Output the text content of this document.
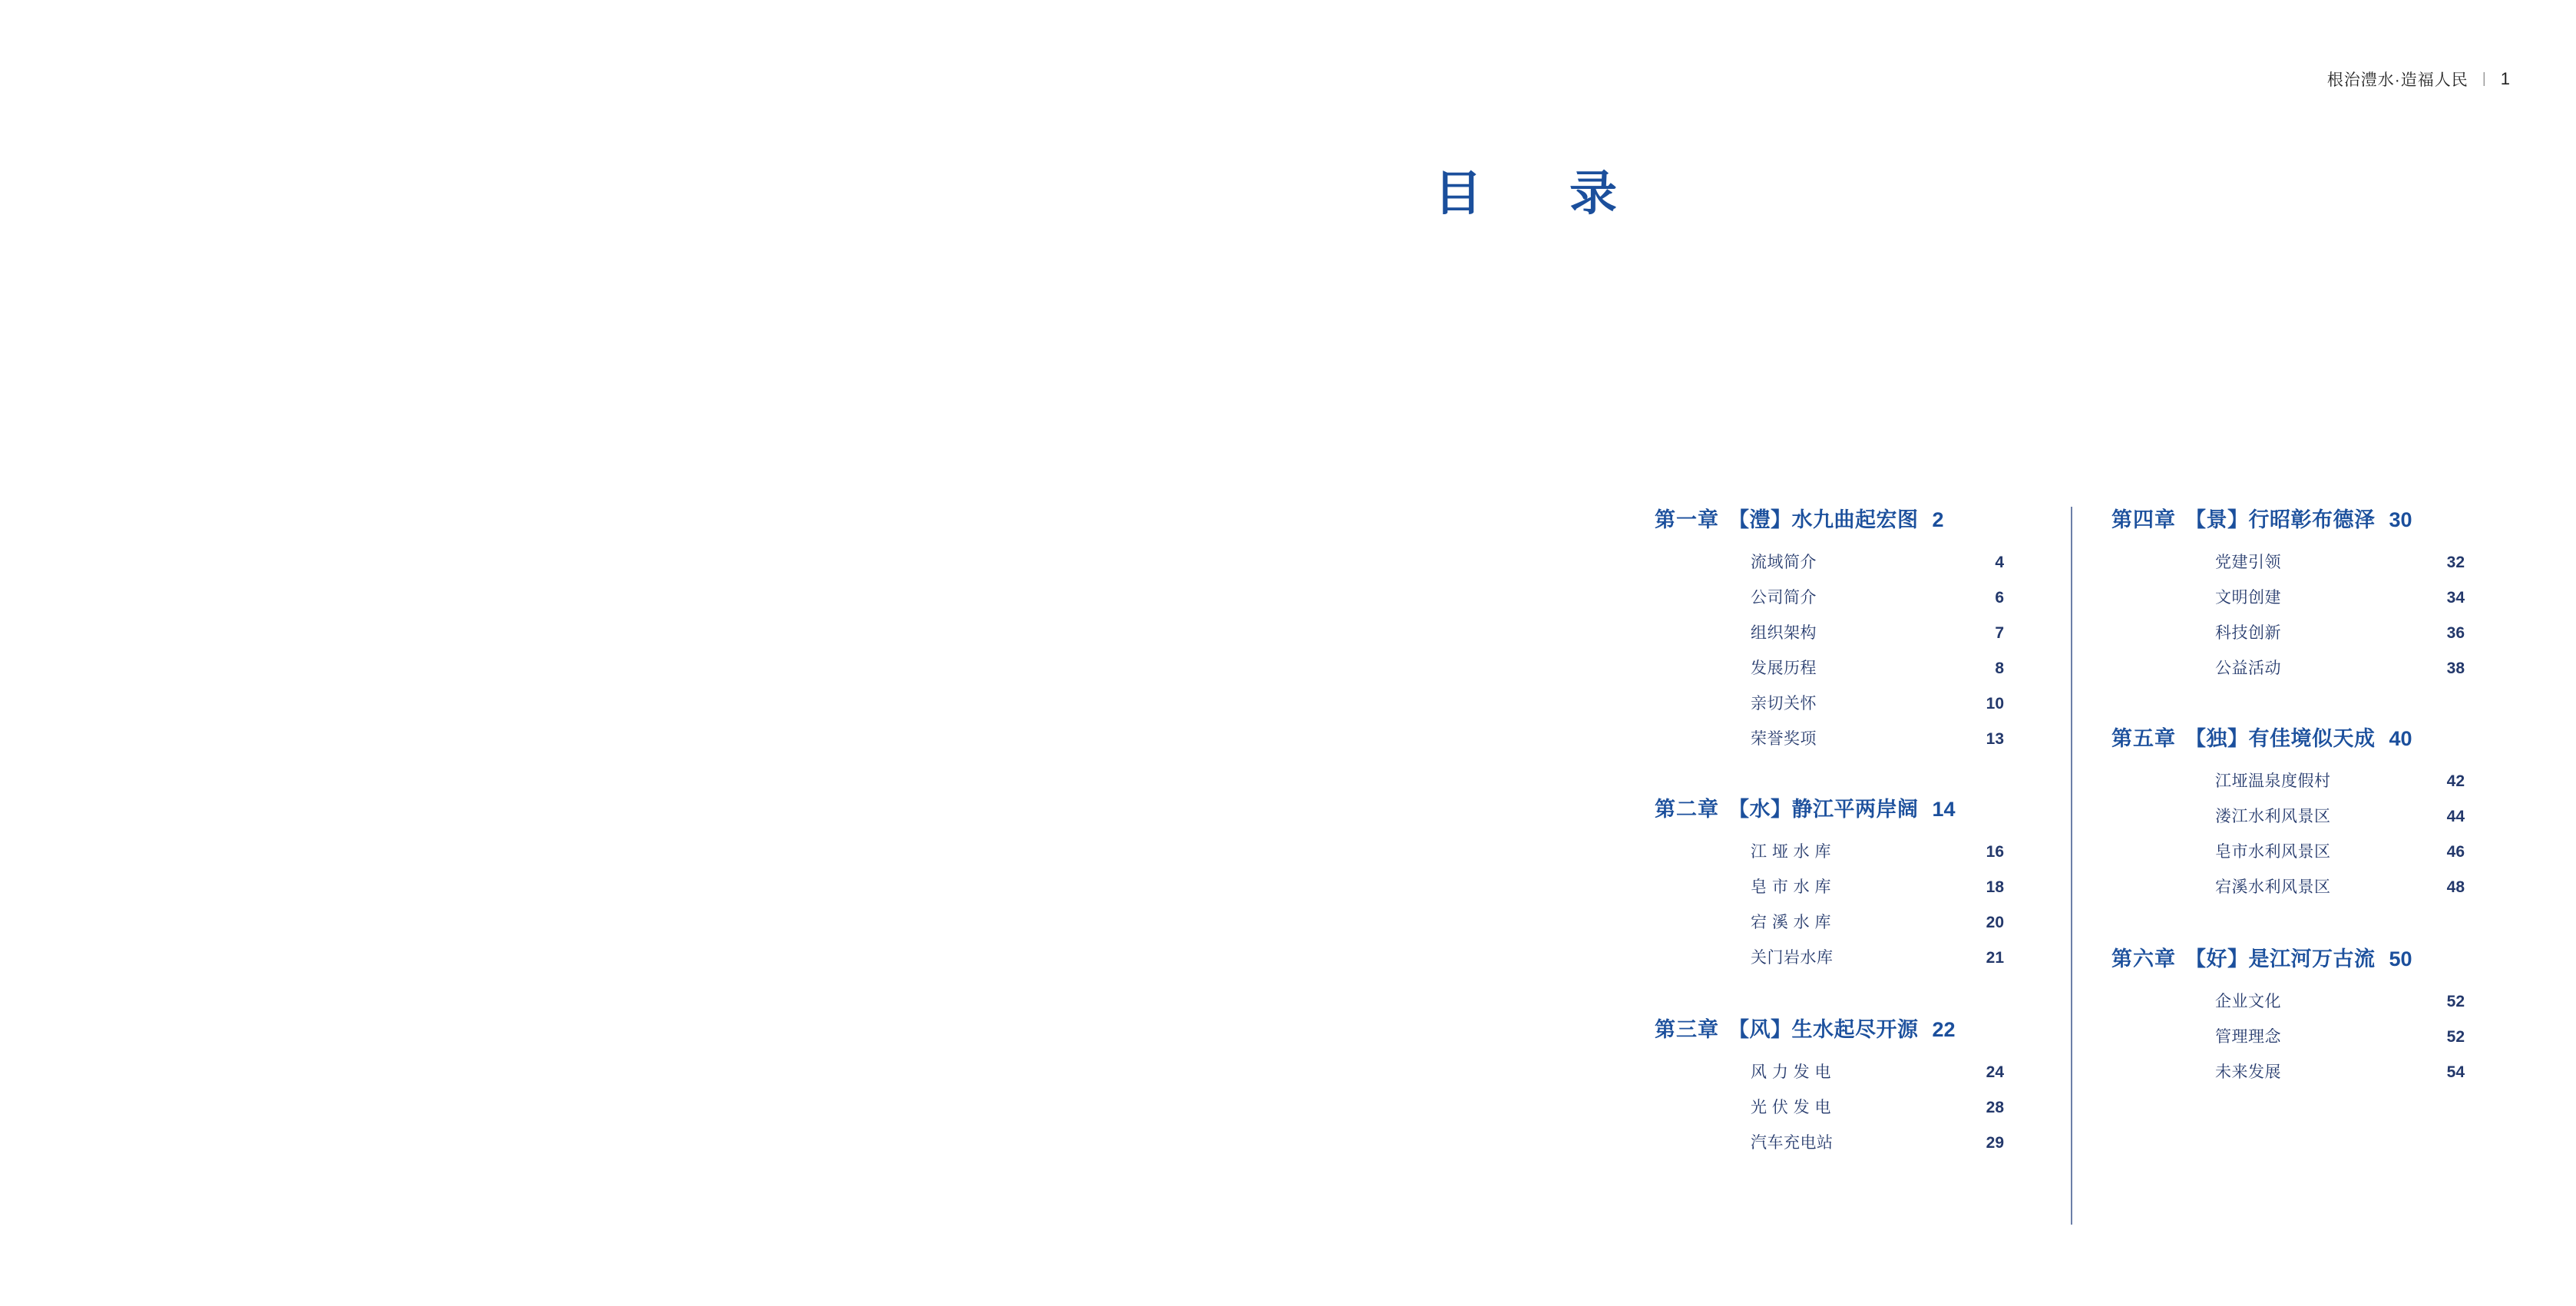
根治澧水·造福人民 | 1
目　录
第一章 【澧】水九曲起宏图 2
流域简介	4
公司简介	6
组织架构	7
发展历程	8
亲切关怀	10
荣誉奖项	13
第二章 【水】静江平两岸阔 14
江 垭 水 库	16
皂 市 水 库	18
宕 溪 水 库	20
关门岩水库	21
第三章 【风】生水起尽开源 22
风 力 发 电	24
光 伏 发 电	28
汽车充电站	29
第四章 【景】行昭彰布德泽 30
党建引领	32
文明创建	34
科技创新	36
公益活动	38
第五章 【独】有佳境似天成 40
江垭温泉度假村	42
溇江水利风景区	44
皂市水利风景区	46
宕溪水利风景区	48
第六章 【好】是江河万古流 50
企业文化	52
管理理念	52
未来发展	54
